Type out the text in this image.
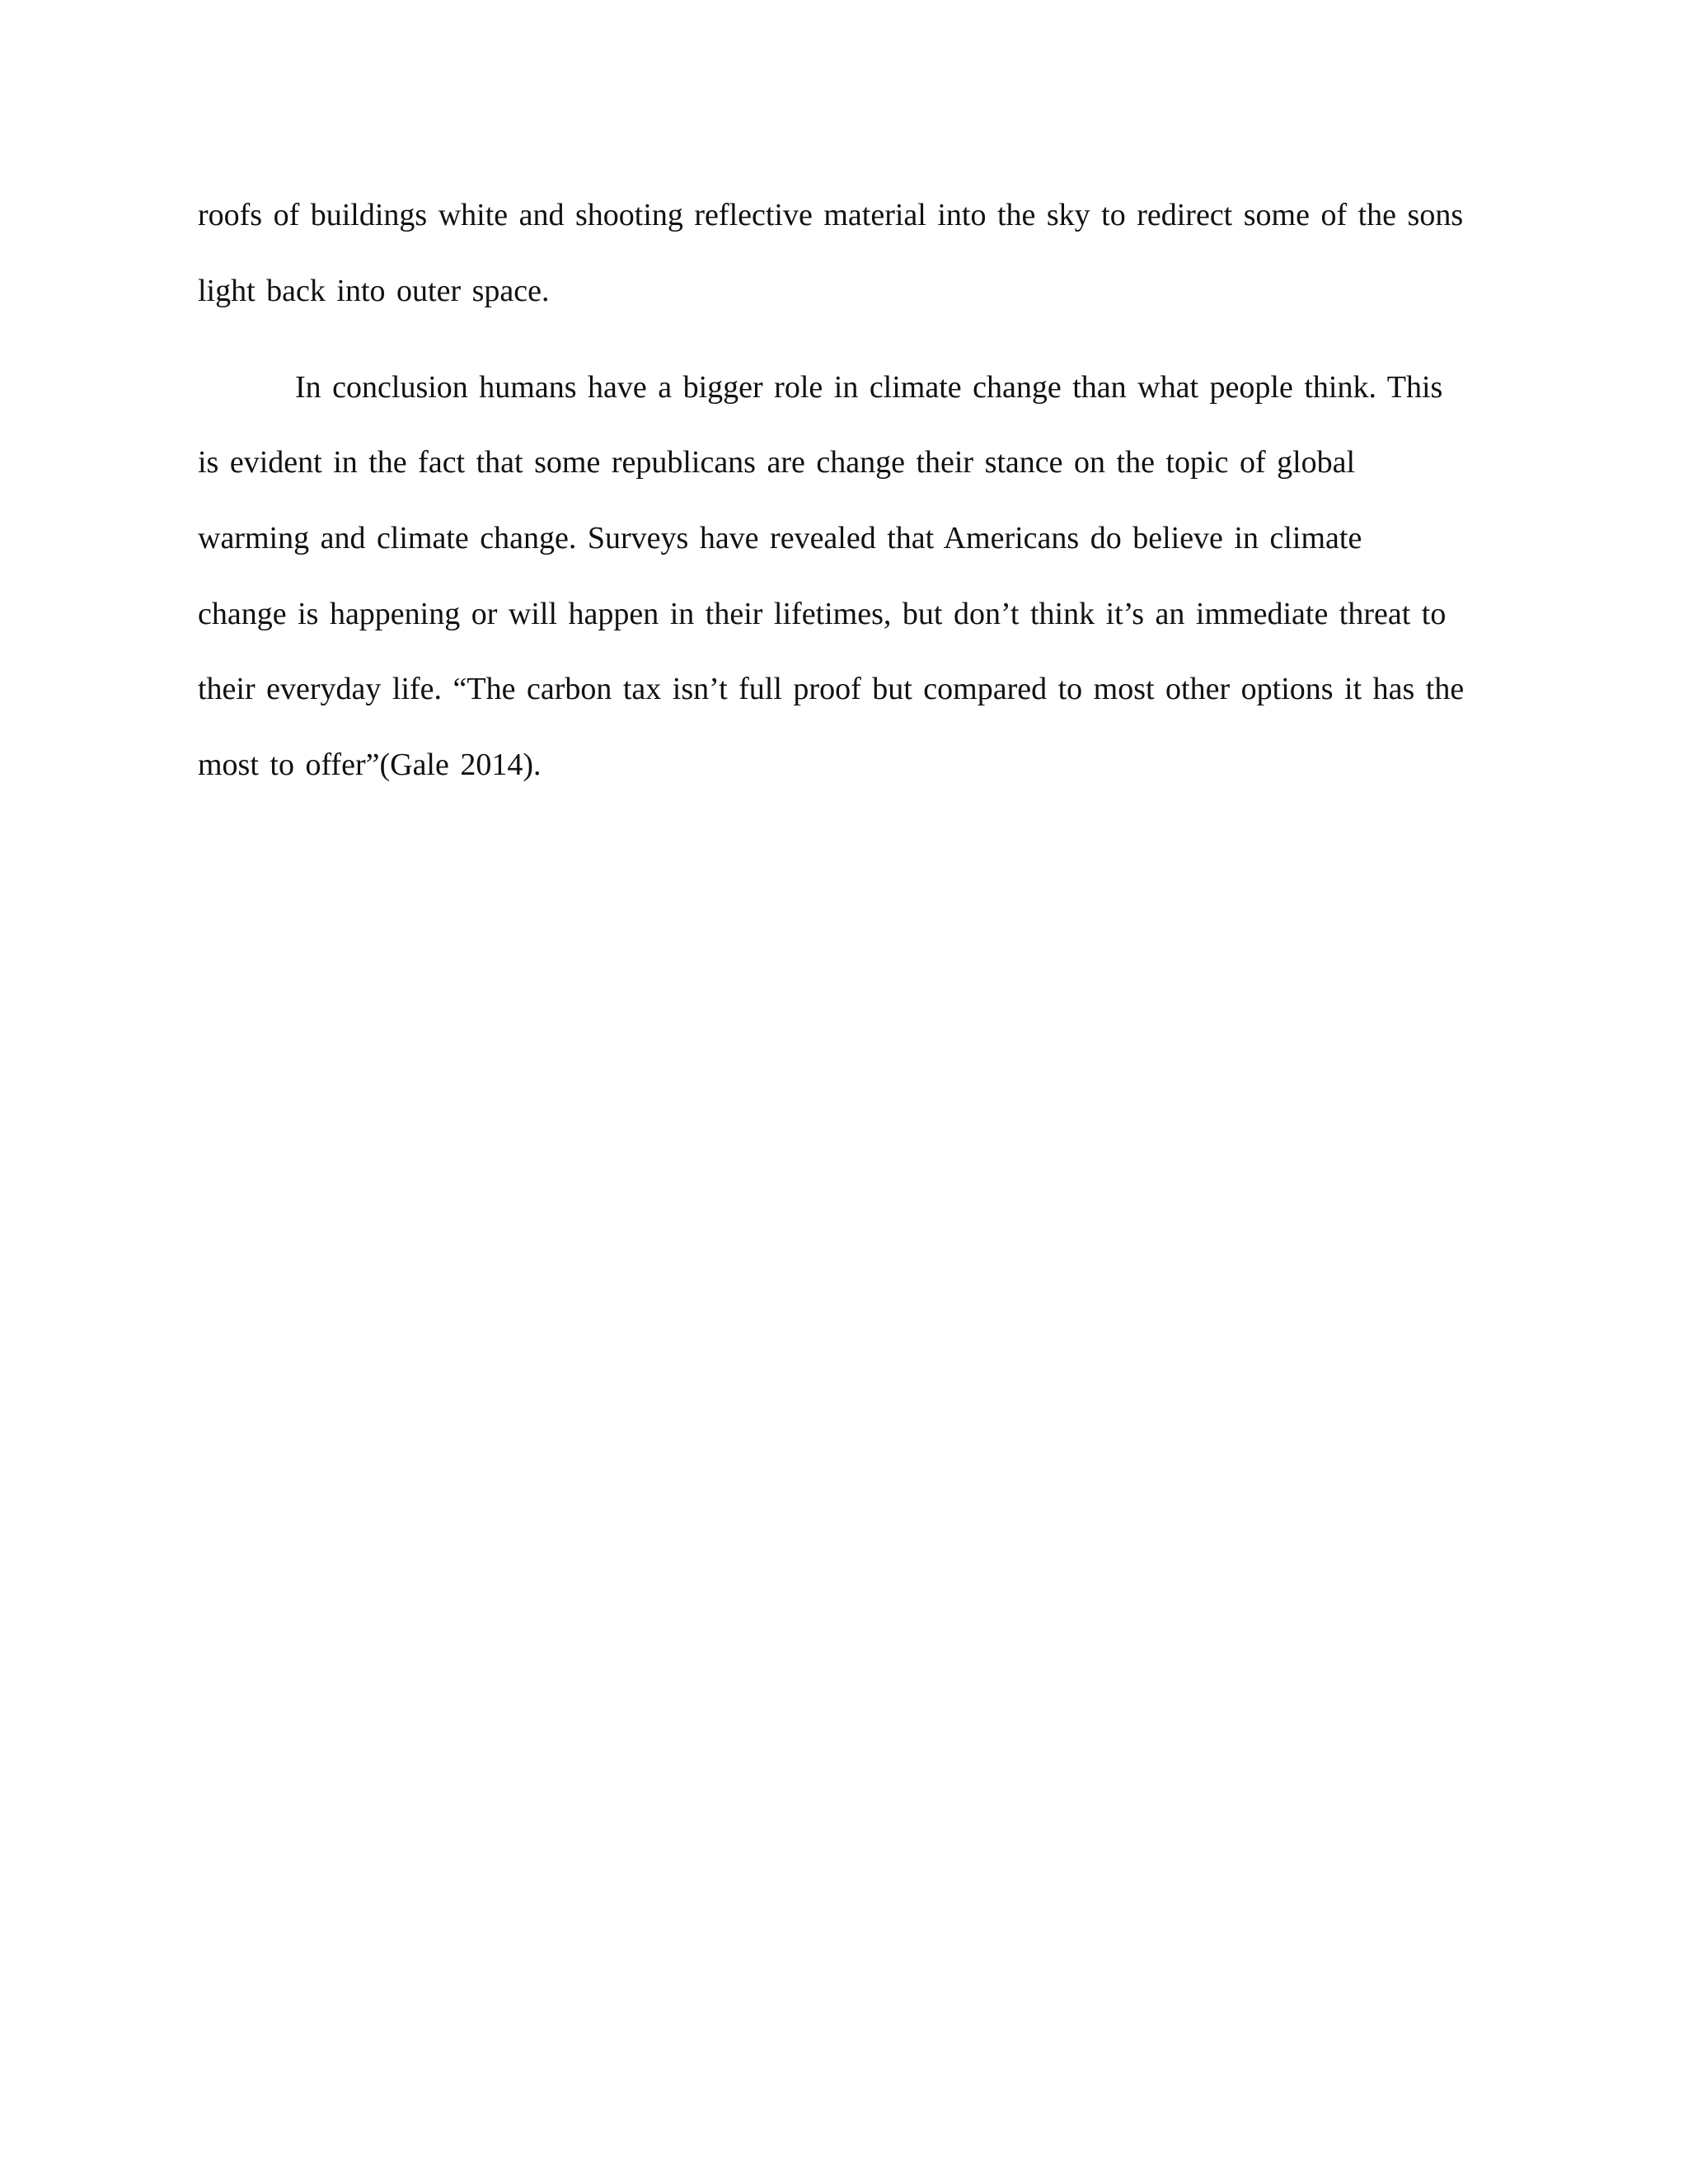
roofs of buildings white and shooting reflective material into the sky to redirect some of the sons
light back into outer space.
In conclusion humans have a bigger role in climate change than what people think. This
is evident in the fact that some republicans are change their stance on the topic of global
warming and climate change. Surveys have revealed that Americans do believe in climate
change is happening or will happen in their lifetimes, but don’t think it’s an immediate threat to
their everyday life. “The carbon tax isn’t full proof but compared to most other options it has the
most to offer”(Gale 2014).
